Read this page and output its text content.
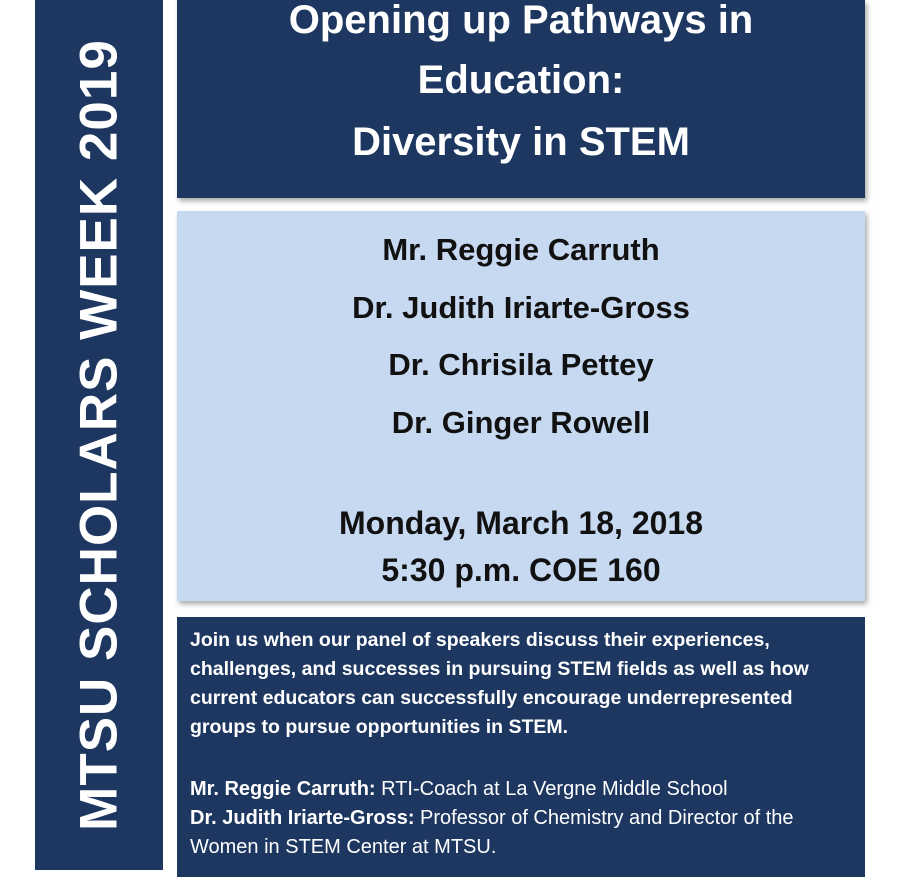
MTSU SCHOLARS WEEK 2019
Opening up Pathways in
Education:
Diversity in STEM
Mr. Reggie Carruth
Dr. Judith Iriarte-Gross
Dr. Chrisila Pettey
Dr. Ginger Rowell
Monday, March 18, 2018
5:30 p.m. COE 160
Join us when our panel of speakers discuss their experiences, challenges, and successes in pursuing STEM fields as well as how current educators can successfully encourage underrepresented groups to pursue opportunities in STEM.
Mr. Reggie Carruth: RTI-Coach at La Vergne Middle School
Dr. Judith Iriarte-Gross: Professor of Chemistry and Director of the Women in STEM Center at MTSU.
